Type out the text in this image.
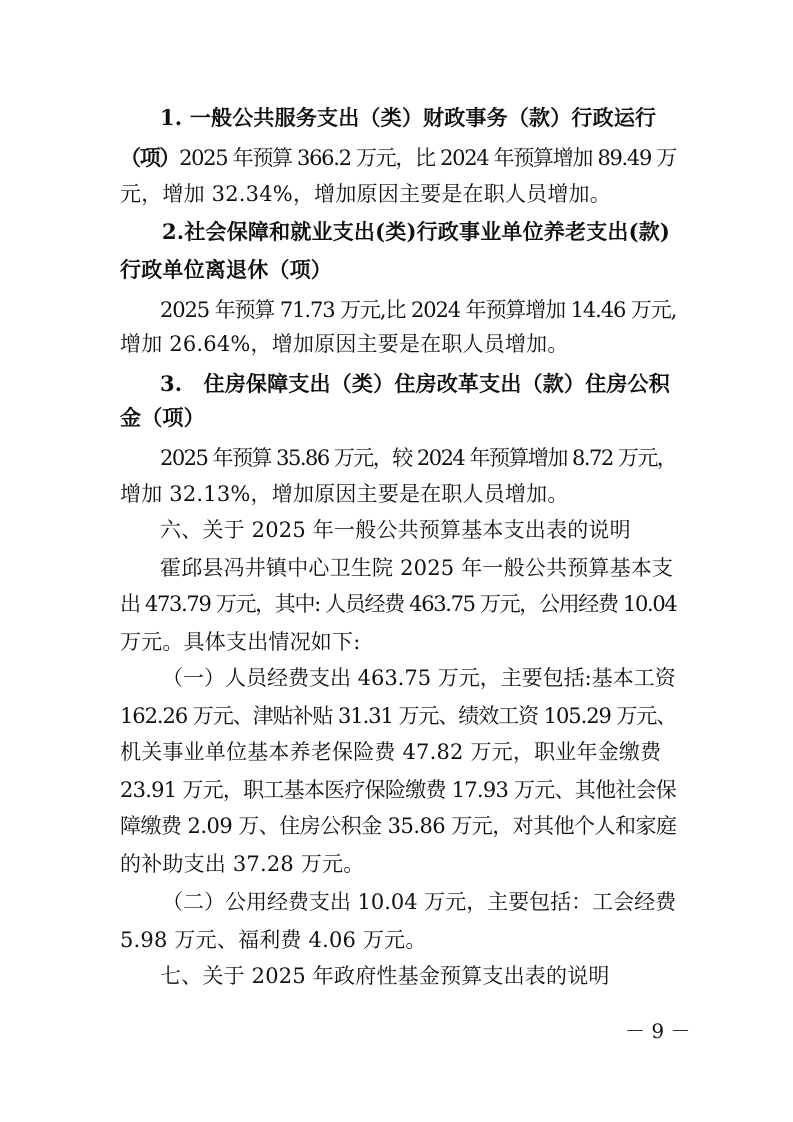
1. 一般公共服务支出（类）财政事务（款）行政运行
（项）2025 年预算 366.2 万元，比 2024 年预算增加 89.49 万
元，增加 32.34%，增加原因主要是在职人员增加。
2.社会保障和就业支出(类)行政事业单位养老支出(款)
行政单位离退休（项）
2025 年预算 71.73 万元,比 2024 年预算增加 14.46 万元,
增加 26.64%，增加原因主要是在职人员增加。
3.　住房保障支出（类）住房改革支出（款）住房公积
金（项）
2025 年预算 35.86 万元，较 2024 年预算增加 8.72 万元，
增加 32.13%，增加原因主要是在职人员增加。
六、关于 2025 年一般公共预算基本支出表的说明
霍邱县冯井镇中心卫生院 2025 年一般公共预算基本支
出 473.79 万元，其中: 人员经费 463.75 万元，公用经费 10.04
万元。具体支出情况如下:
（一）人员经费支出 463.75 万元，主要包括:基本工资
162.26 万元、津贴补贴 31.31 万元、绩效工资 105.29 万元、
机关事业单位基本养老保险费 47.82 万元，职业年金缴费
23.91 万元，职工基本医疗保险缴费 17.93 万元、其他社会保
障缴费 2.09 万、住房公积金 35.86 万元，对其他个人和家庭
的补助支出 37.28 万元。
（二）公用经费支出 10.04 万元，主要包括：工会经费
5.98 万元、福利费 4.06 万元。
七、关于 2025 年政府性基金预算支出表的说明
－ 9 －
